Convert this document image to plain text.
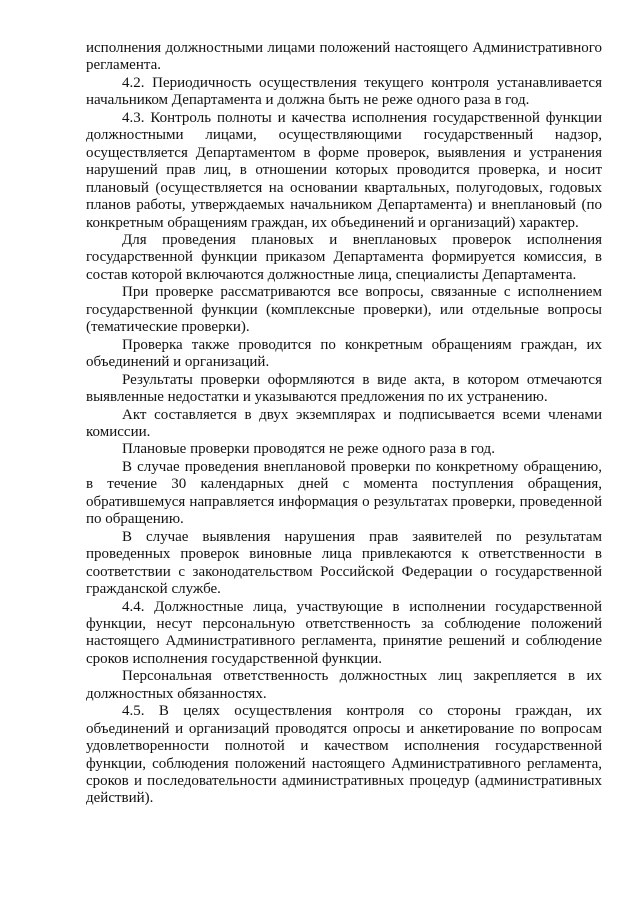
исполнения должностными лицами положений настоящего Административного регламента.

4.2. Периодичность осуществления текущего контроля устанавливается начальником Департамента и должна быть не реже одного раза в год.

4.3. Контроль полноты и качества исполнения государственной функции должностными лицами, осуществляющими государственный надзор, осуществляется Департаментом в форме проверок, выявления и устранения нарушений прав лиц, в отношении которых проводится проверка, и носит плановый (осуществляется на основании квартальных, полугодовых, годовых планов работы, утверждаемых начальником Департамента) и внеплановый (по конкретным обращениям граждан, их объединений и организаций) характер.

Для проведения плановых и внеплановых проверок исполнения государственной функции приказом Департамента формируется комиссия, в состав которой включаются должностные лица, специалисты Департамента.

При проверке рассматриваются все вопросы, связанные с исполнением государственной функции (комплексные проверки), или отдельные вопросы (тематические проверки).

Проверка также проводится по конкретным обращениям граждан, их объединений и организаций.

Результаты проверки оформляются в виде акта, в котором отмечаются выявленные недостатки и указываются предложения по их устранению.

Акт составляется в двух экземплярах и подписывается всеми членами комиссии.

Плановые проверки проводятся не реже одного раза в год.

В случае проведения внеплановой проверки по конкретному обращению, в течение 30 календарных дней с момента поступления обращения, обратившемуся направляется информация о результатах проверки, проведенной по обращению.

В случае выявления нарушения прав заявителей по результатам проведенных проверок виновные лица привлекаются к ответственности в соответствии с законодательством Российской Федерации о государственной гражданской службе.

4.4. Должностные лица, участвующие в исполнении государственной функции, несут персональную ответственность за соблюдение положений настоящего Административного регламента, принятие решений и соблюдение сроков исполнения государственной функции.

Персональная ответственность должностных лиц закрепляется в их должностных обязанностях.

4.5. В целях осуществления контроля со стороны граждан, их объединений и организаций проводятся опросы и анкетирование по вопросам удовлетворенности полнотой и качеством исполнения государственной функции, соблюдения положений настоящего Административного регламента, сроков и последовательности административных процедур (административных действий).
